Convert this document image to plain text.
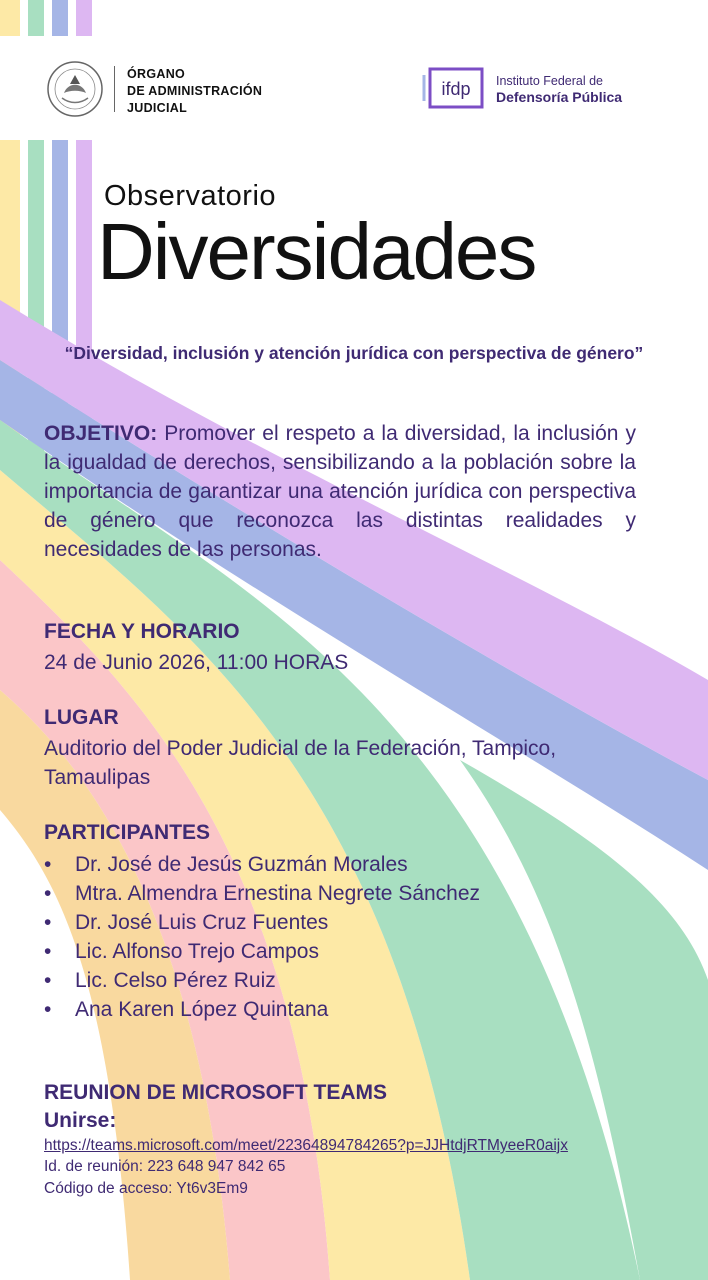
ÓRGANO
DE ADMINISTRACIÓN
JUDICIAL
ifdp Instituto Federal de
Defensoría Pública
Observatorio
Diversidades
“Diversidad, inclusión y atención jurídica con perspectiva de género”
OBJETIVO: Promover el respeto a la diversidad, la inclusión y la igualdad de derechos, sensibilizando a la población sobre la importancia de garantizar una atención jurídica con perspectiva de género que reconozca las distintas realidades y necesidades de las personas.
FECHA Y HORARIO
24 de Junio 2026, 11:00 HORAS
LUGAR
Auditorio del Poder Judicial de la Federación, Tampico,
Tamaulipas
PARTICIPANTES
• Dr. José de Jesús Guzmán Morales
• Mtra. Almendra Ernestina Negrete Sánchez
• Dr. José Luis Cruz Fuentes
• Lic. Alfonso Trejo Campos
• Lic. Celso Pérez Ruiz
• Ana Karen López Quintana
REUNION DE MICROSOFT TEAMS
Unirse:
https://teams.microsoft.com/meet/22364894784265?p=JJHtdjRTMyeeR0aijx
Id. de reunión: 223 648 947 842 65
Código de acceso: Yt6v3Em9
